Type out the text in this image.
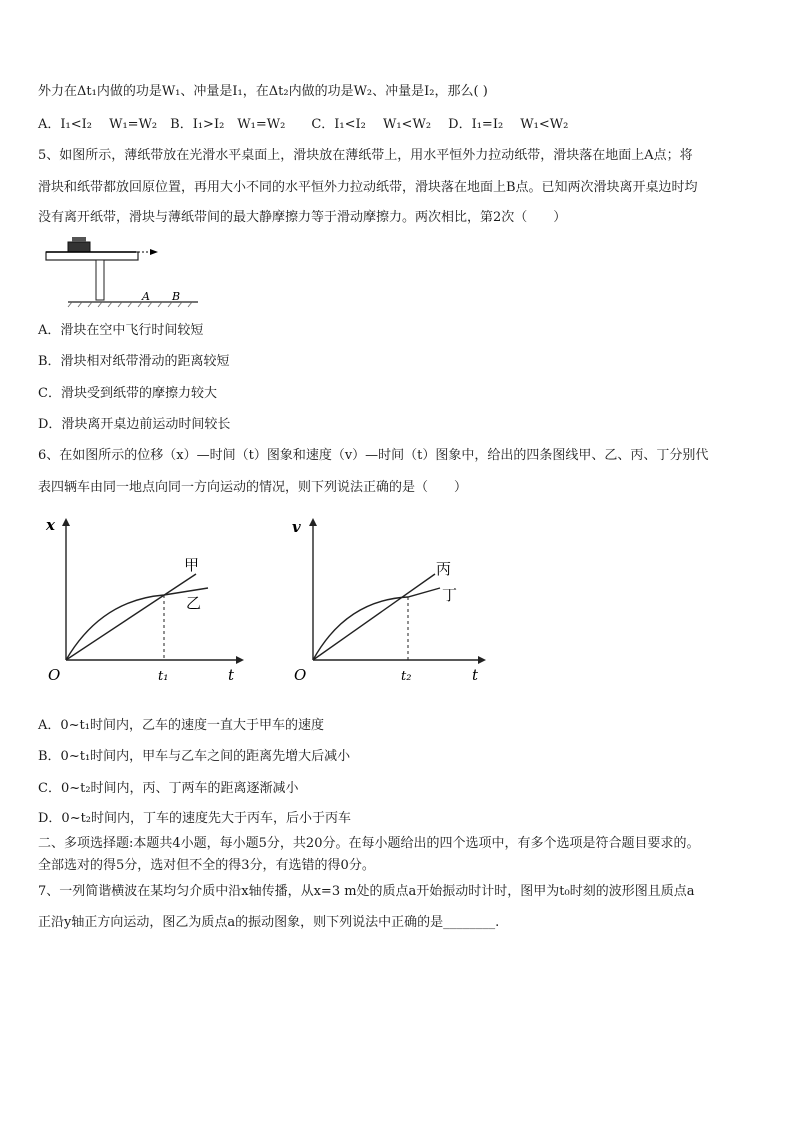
外力在Δt₁内做的功是W₁、冲量是I₁，在Δt₂内做的功是W₂、冲量是I₂，那么( )
A．I₁<I₂　 W₁=W₂　B．I₁>I₂　W₁=W₂　　C．I₁<I₂　 W₁<W₂　 D．I₁=I₂　 W₁<W₂
5、如图所示，薄纸带放在光滑水平桌面上，滑块放在薄纸带上，用水平恒外力拉动纸带，滑块落在地面上A点；将
滑块和纸带都放回原位置，再用大小不同的水平恒外力拉动纸带，滑块落在地面上B点。已知两次滑块离开桌边时均
没有离开纸带，滑块与薄纸带间的最大静摩擦力等于滑动摩擦力。两次相比，第2次（　　）
A B
A．滑块在空中飞行时间较短
B．滑块相对纸带滑动的距离较短
C．滑块受到纸带的摩擦力较大
D．滑块离开桌边前运动时间较长
6、在如图所示的位移（x）—时间（t）图象和速度（v）—时间（t）图象中，给出的四条图线甲、乙、丙、丁分别代
表四辆车由同一地点向同一方向运动的情况，则下列说法正确的是（　　）
x
O	t₁	t
甲
乙
v
O	t₂	t
丙
丁
A．0~t₁时间内，乙车的速度一直大于甲车的速度
B．0~t₁时间内，甲车与乙车之间的距离先增大后减小
C．0~t₂时间内，丙、丁两车的距离逐渐减小
D．0~t₂时间内，丁车的速度先大于丙车，后小于丙车
二、多项选择题:本题共4小题，每小题5分，共20分。在每小题给出的四个选项中，有多个选项是符合题目要求的。
全部选对的得5分，选对但不全的得3分，有选错的得0分。
7、一列简谐横波在某均匀介质中沿x轴传播，从x=3 m处的质点a开始振动时计时，图甲为t₀时刻的波形图且质点a
正沿y轴正方向运动，图乙为质点a的振动图象，则下列说法中正确的是________.
